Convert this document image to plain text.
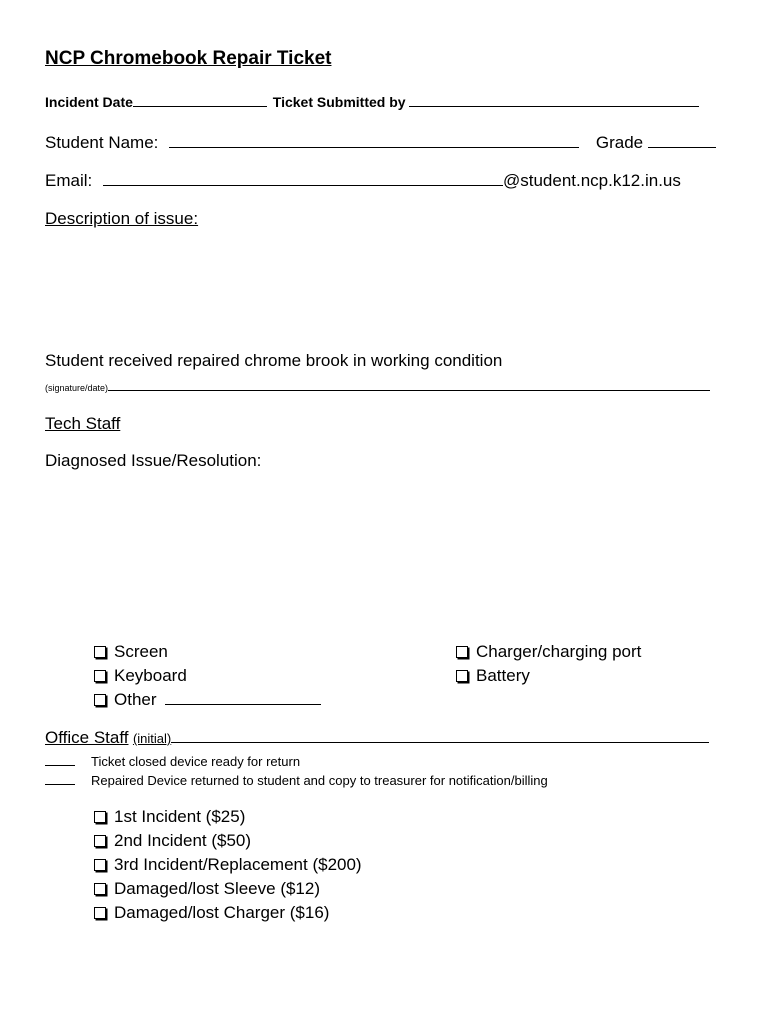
NCP Chromebook Repair Ticket
Incident Date	Ticket Submitted by
Student Name:	Grade
Email:	@student.ncp.k12.in.us
Description of issue:
Student received repaired chrome brook in working condition
(signature/date)
Tech Staff
Diagnosed Issue/Resolution:
Screen
Keyboard
Other
Charger/charging port
Battery
Office Staff (initial)
Ticket closed device ready for return
Repaired Device returned to student and copy to treasurer for notification/billing
1st Incident ($25)
2nd Incident ($50)
3rd Incident/Replacement ($200)
Damaged/lost Sleeve ($12)
Damaged/lost Charger ($16)
